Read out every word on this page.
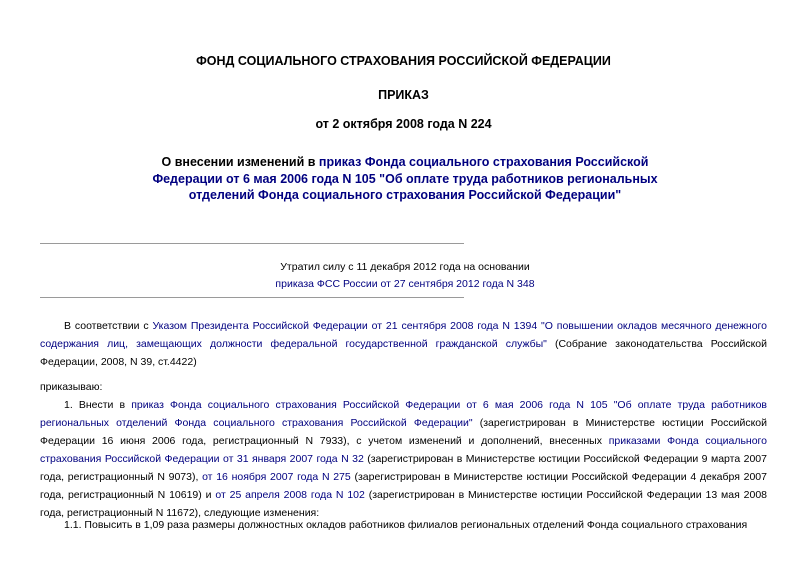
ФОНД СОЦИАЛЬНОГО СТРАХОВАНИЯ РОССИЙСКОЙ ФЕДЕРАЦИИ
ПРИКАЗ
от 2 октября 2008 года N 224
О внесении изменений в приказ Фонда социального страхования Российской Федерации от 6 мая 2006 года N 105 "Об оплате труда работников региональных отделений Фонда социального страхования Российской Федерации"
Утратил силу с 11 декабря 2012 года на основании
приказа ФСС России от 27 сентября 2012 года N 348
В соответствии с Указом Президента Российской Федерации от 21 сентября 2008 года N 1394 "О повышении окладов месячного денежного содержания лиц, замещающих должности федеральной государственной гражданской службы" (Собрание законодательства Российской Федерации, 2008, N 39, ст.4422)
приказываю:
1. Внести в приказ Фонда социального страхования Российской Федерации от 6 мая 2006 года N 105 "Об оплате труда работников региональных отделений Фонда социального страхования Российской Федерации" (зарегистрирован в Министерстве юстиции Российской Федерации 16 июня 2006 года, регистрационный N 7933), с учетом изменений и дополнений, внесенных приказами Фонда социального страхования Российской Федерации от 31 января 2007 года N 32 (зарегистрирован в Министерстве юстиции Российской Федерации 9 марта 2007 года, регистрационный N 9073), от 16 ноября 2007 года N 275 (зарегистрирован в Министерстве юстиции Российской Федерации 4 декабря 2007 года, регистрационный N 10619) и от 25 апреля 2008 года N 102 (зарегистрирован в Министерстве юстиции Российской Федерации 13 мая 2008 года, регистрационный N 11672), следующие изменения:
1.1. Повысить в 1,09 раза размеры должностных окладов работников филиалов региональных отделений Фонда социального страхования
